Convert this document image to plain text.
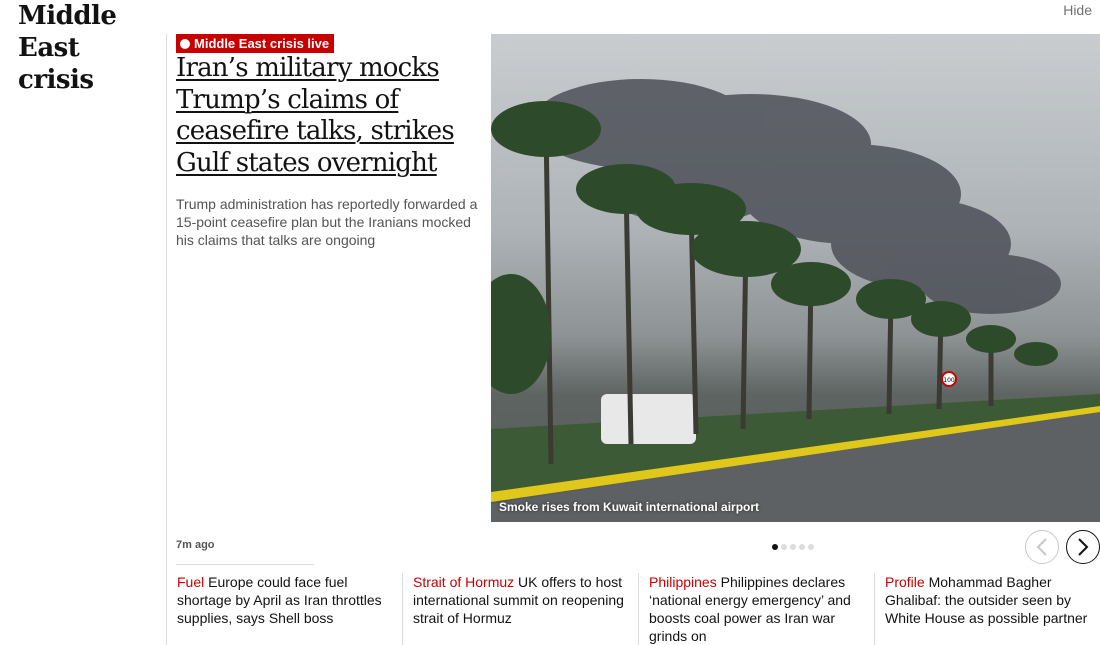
Middle East crisis
Hide
Middle East crisis live
Iran’s military mocks Trump’s claims of ceasefire talks, strikes Gulf states overnight

Trump administration has reportedly forwarded a 15-point ceasefire plan but the Iranians mocked his claims that talks are ongoing

7m ago
100
Smoke rises from Kuwait international airport
Fuel Europe could face fuel shortage by April as Iran throttles supplies, says Shell boss
Strait of Hormuz UK offers to host international summit on reopening strait of Hormuz
Philippines Philippines declares ‘national energy emergency’ and boosts coal power as Iran war grinds on
Profile Mohammad Bagher Ghalibaf: the outsider seen by White House as possible partner
